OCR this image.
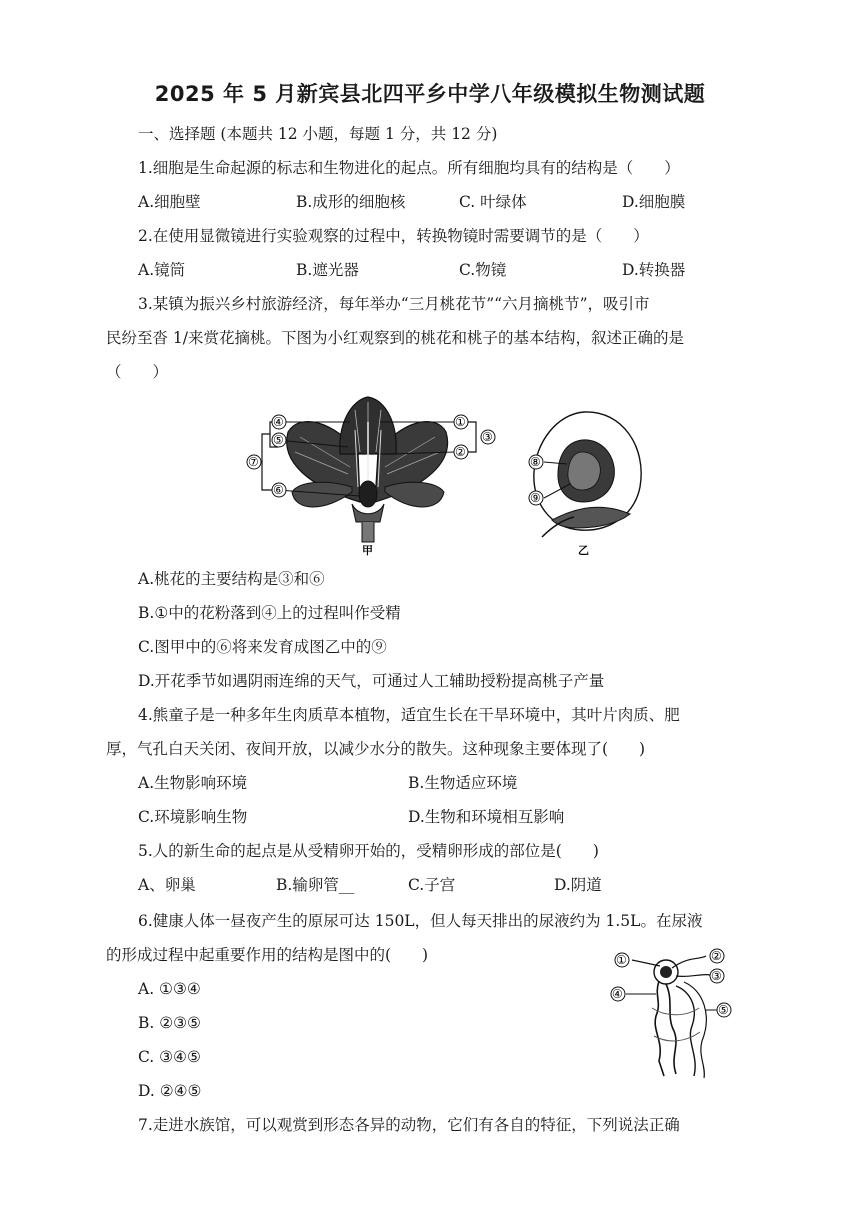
2025 年 5 月新宾县北四平乡中学八年级模拟生物测试题
一、选择题 (本题共 12 小题，每题 1 分，共 12 分)
1.细胞是生命起源的标志和生物进化的起点。所有细胞均具有的结构是（　　）
A.细胞壁	B.成形的细胞核	C. 叶绿体	D.细胞膜
2.在使用显微镜进行实验观察的过程中，转换物镜时需要调节的是（　　）
A.镜筒	B.遮光器	C.物镜	D.转换器
3.某镇为振兴乡村旅游经济，每年举办“三月桃花节”“六月摘桃节”，吸引市
民纷至沓 1/来赏花摘桃。下图为小红观察到的桃花和桃子的基本结构，叙述正确的是
（　　）
④
⑤
⑦
⑥
①
②
③
甲
⑧
⑨
乙
A.桃花的主要结构是③和⑥
B.①中的花粉落到④上的过程叫作受精
C.图甲中的⑥将来发育成图乙中的⑨
D.开花季节如遇阴雨连绵的天气，可通过人工辅助授粉提高桃子产量
4.熊童子是一种多年生肉质草本植物，适宜生长在干旱环境中，其叶片肉质、肥
厚，气孔白天关闭、夜间开放，以减少水分的散失。这种现象主要体现了(　　)
A.生物影响环境	B.生物适应环境
C.环境影响生物	D.生物和环境相互影响
5.人的新生命的起点是从受精卵开始的，受精卵形成的部位是(　　)
A、卵巢	B.输卵管__	C.子宫	D.阴道
6.健康人体一昼夜产生的原尿可达 150L，但人每天排出的尿液约为 1.5L。在尿液
的形成过程中起重要作用的结构是图中的(　　)
A. ①③④
B. ②③⑤
C. ③④⑤
D. ②④⑤
①	②
③
④
⑤
7.走进水族馆，可以观赏到形态各异的动物，它们有各自的特征，下列说法正确
